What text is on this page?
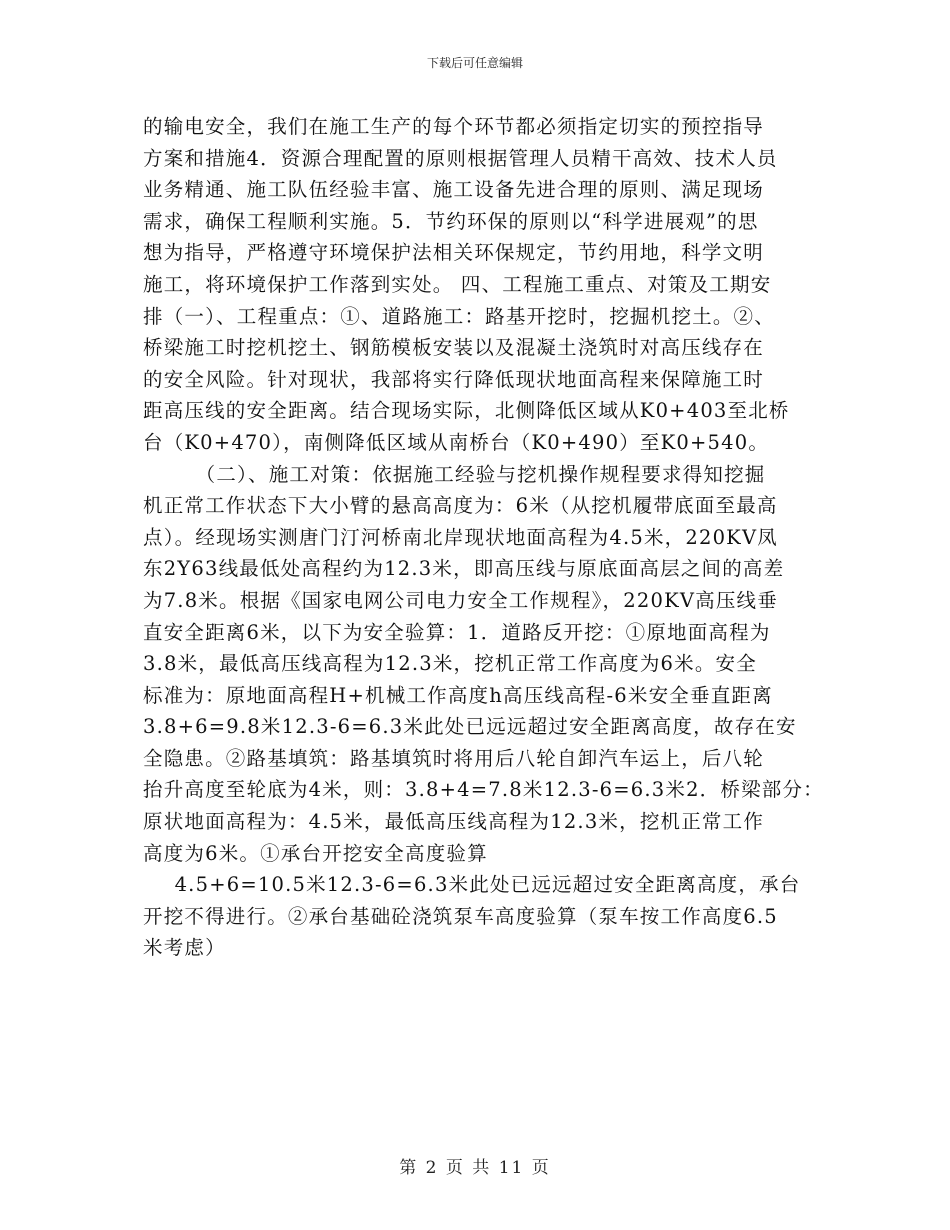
下载后可任意编辑
的输电安全，我们在施工生产的每个环节都必须指定切实的预控指导
方案和措施4．资源合理配置的原则根据管理人员精干高效、技术人员
业务精通、施工队伍经验丰富、施工设备先进合理的原则、满足现场
需求，确保工程顺利实施。5．节约环保的原则以“科学进展观”的思
想为指导，严格遵守环境保护法相关环保规定，节约用地，科学文明
施工，将环境保护工作落到实处。 四、工程施工重点、对策及工期安
排（一）、工程重点：①、道路施工：路基开挖时，挖掘机挖土。②、
桥梁施工时挖机挖土、钢筋模板安装以及混凝土浇筑时对高压线存在
的安全风险。针对现状，我部将实行降低现状地面高程来保障施工时
距高压线的安全距离。结合现场实际，北侧降低区域从K0+403至北桥
台（K0+470），南侧降低区域从南桥台（K0+490）至K0+540。
（二）、施工对策：依据施工经验与挖机操作规程要求得知挖掘
机正常工作状态下大小臂的悬高高度为：6米（从挖机履带底面至最高
点）。经现场实测唐门汀河桥南北岸现状地面高程为4.5米，220KV凤
东2Y63线最低处高程约为12.3米，即高压线与原底面高层之间的高差
为7.8米。根据《国家电网公司电力安全工作规程》，220KV高压线垂
直安全距离6米，以下为安全验算：1．道路反开挖：①原地面高程为
3.8米，最低高压线高程为12.3米，挖机正常工作高度为6米。安全
标准为：原地面高程H+机械工作高度h高压线高程-6米安全垂直距离
3.8+6=9.8米12.3-6=6.3米此处已远远超过安全距离高度，故存在安
全隐患。②路基填筑：路基填筑时将用后八轮自卸汽车运上，后八轮
抬升高度至轮底为4米，则：3.8+4=7.8米12.3-6=6.3米2．桥梁部分：
原状地面高程为：4.5米，最低高压线高程为12.3米，挖机正常工作
高度为6米。①承台开挖安全高度验算
4.5+6=10.5米12.3-6=6.3米此处已远远超过安全距离高度，承台
开挖不得进行。②承台基础砼浇筑泵车高度验算（泵车按工作高度6.5
米考虑）
第 2 页 共 11 页
